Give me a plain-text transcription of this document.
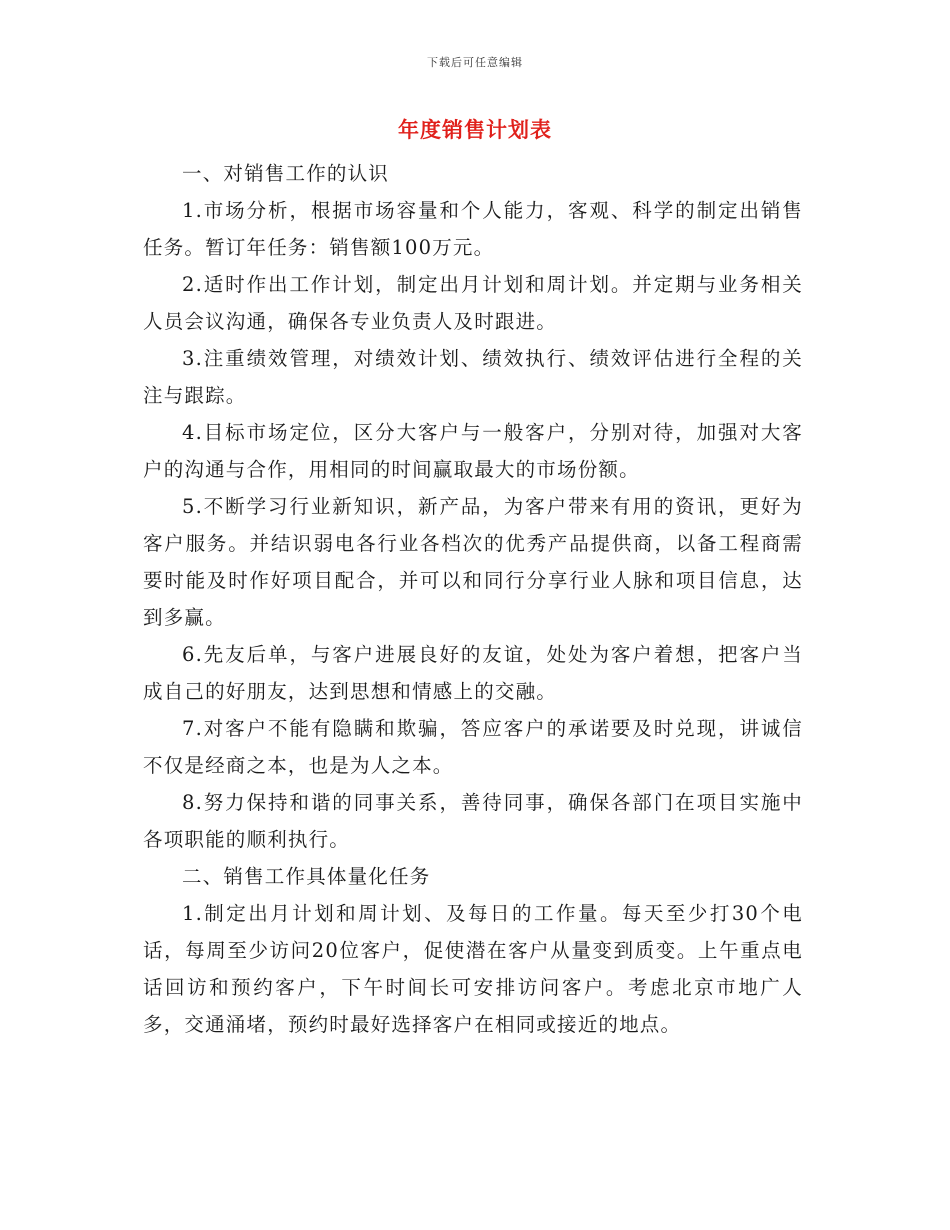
下载后可任意编辑
年度销售计划表

一、对销售工作的认识

1.市场分析，根据市场容量和个人能力，客观、科学的制定出销售任务。暂订年任务：销售额100万元。

2.适时作出工作计划，制定出月计划和周计划。并定期与业务相关人员会议沟通，确保各专业负责人及时跟进。

3.注重绩效管理，对绩效计划、绩效执行、绩效评估进行全程的关注与跟踪。

4.目标市场定位，区分大客户与一般客户，分别对待，加强对大客户的沟通与合作，用相同的时间赢取最大的市场份额。

5.不断学习行业新知识，新产品，为客户带来有用的资讯，更好为客户服务。并结识弱电各行业各档次的优秀产品提供商，以备工程商需要时能及时作好项目配合，并可以和同行分享行业人脉和项目信息，达到多赢。

6.先友后单，与客户进展良好的友谊，处处为客户着想，把客户当成自己的好朋友，达到思想和情感上的交融。

7.对客户不能有隐瞒和欺骗，答应客户的承诺要及时兑现，讲诚信不仅是经商之本，也是为人之本。

8.努力保持和谐的同事关系，善待同事，确保各部门在项目实施中各项职能的顺利执行。

二、销售工作具体量化任务

1.制定出月计划和周计划、及每日的工作量。每天至少打30个电话，每周至少访问20位客户，促使潜在客户从量变到质变。上午重点电话回访和预约客户，下午时间长可安排访问客户。考虑北京市地广人多，交通涌堵，预约时最好选择客户在相同或接近的地点。
